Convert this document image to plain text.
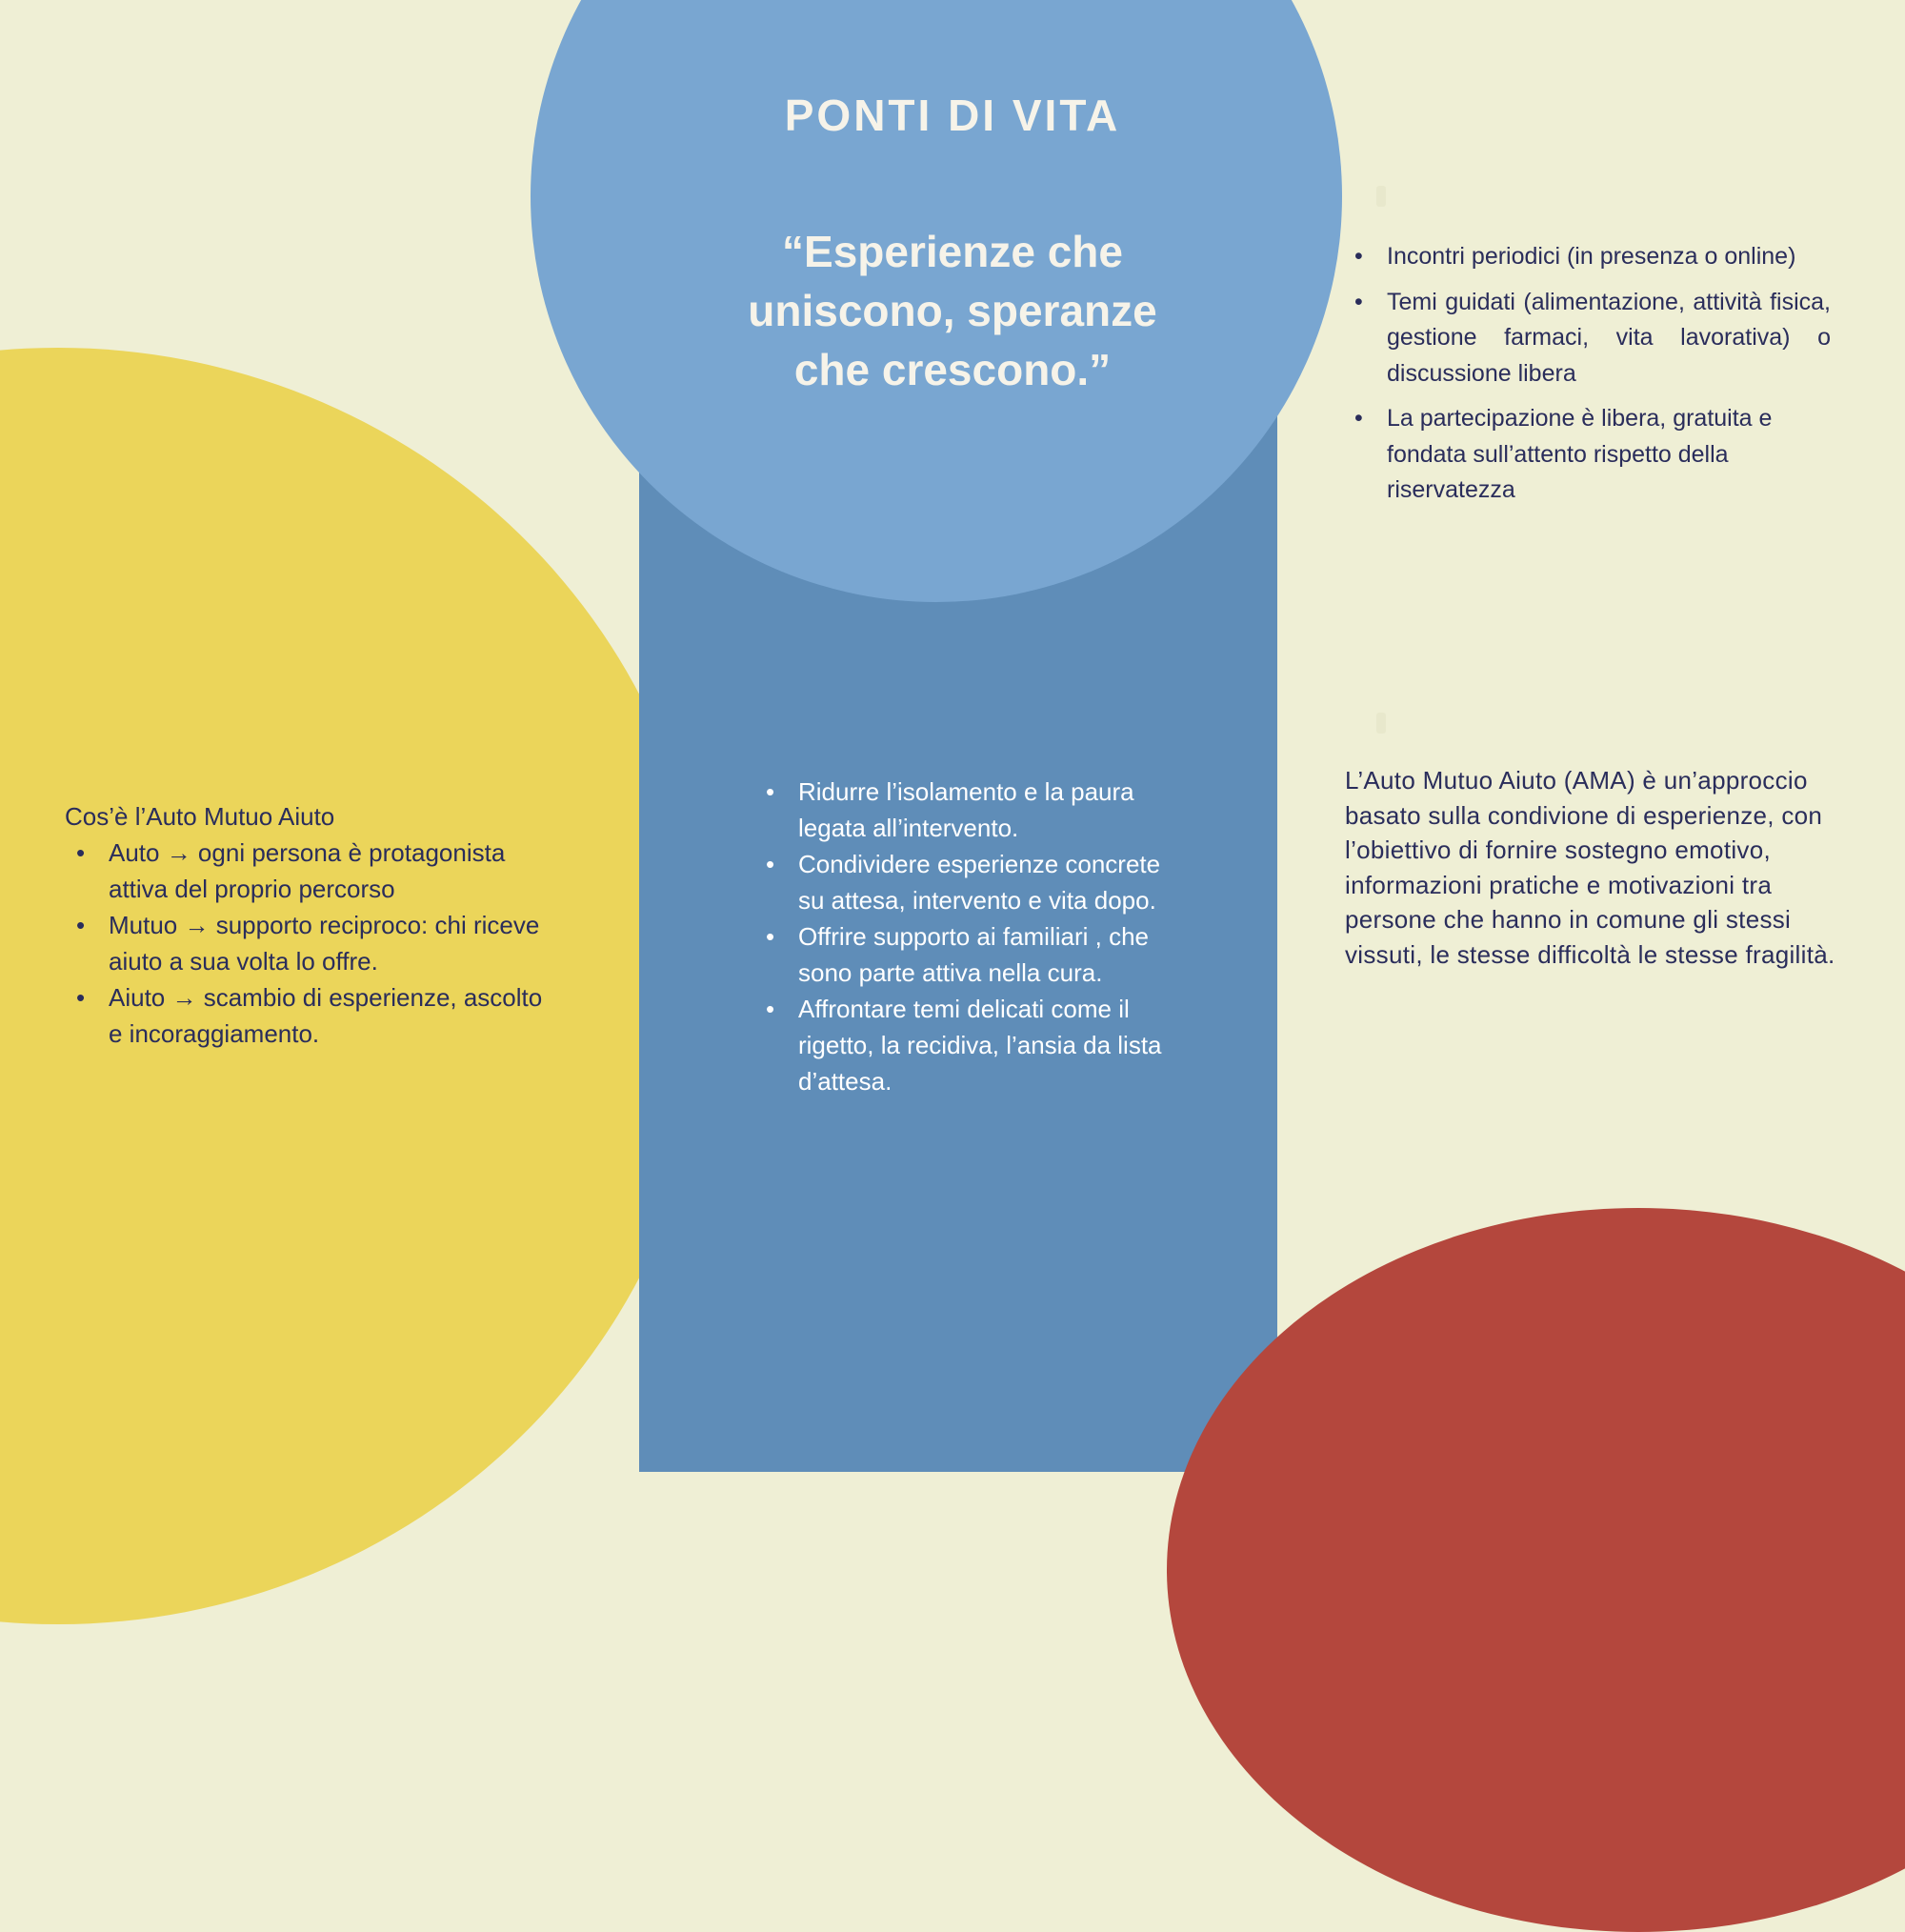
PONTI DI VITA
“Esperienze che
uniscono, speranze
che crescono.”

Cos’è l’Auto Mutuo Aiuto

• Auto → ogni persona è protagonista attiva del proprio percorso
• Mutuo → supporto reciproco: chi riceve aiuto a sua volta lo offre.
• Aiuto → scambio di esperienze, ascolto e incoraggiamento.
• Ridurre l’isolamento e la paura legata all’intervento.
• Condividere esperienze concrete su attesa, intervento e vita dopo.
• Offrire supporto ai familiari , che sono parte attiva nella cura.
• Affrontare temi delicati come il rigetto, la recidiva, l’ansia da lista d’attesa.
• Incontri periodici (in presenza o online)
• Temi guidati (alimentazione, attività fisica, gestione farmaci, vita lavorativa) o discussione libera
• La partecipazione è libera, gratuita e fondata sull’attento rispetto della riservatezza
L’Auto Mutuo Aiuto (AMA) è un’approccio basato sulla condivione di esperienze, con l’obiettivo di fornire sostegno emotivo, informazioni pratiche e motivazioni tra persone che hanno in comune gli stessi vissuti, le stesse difficoltà le stesse fragilità.
